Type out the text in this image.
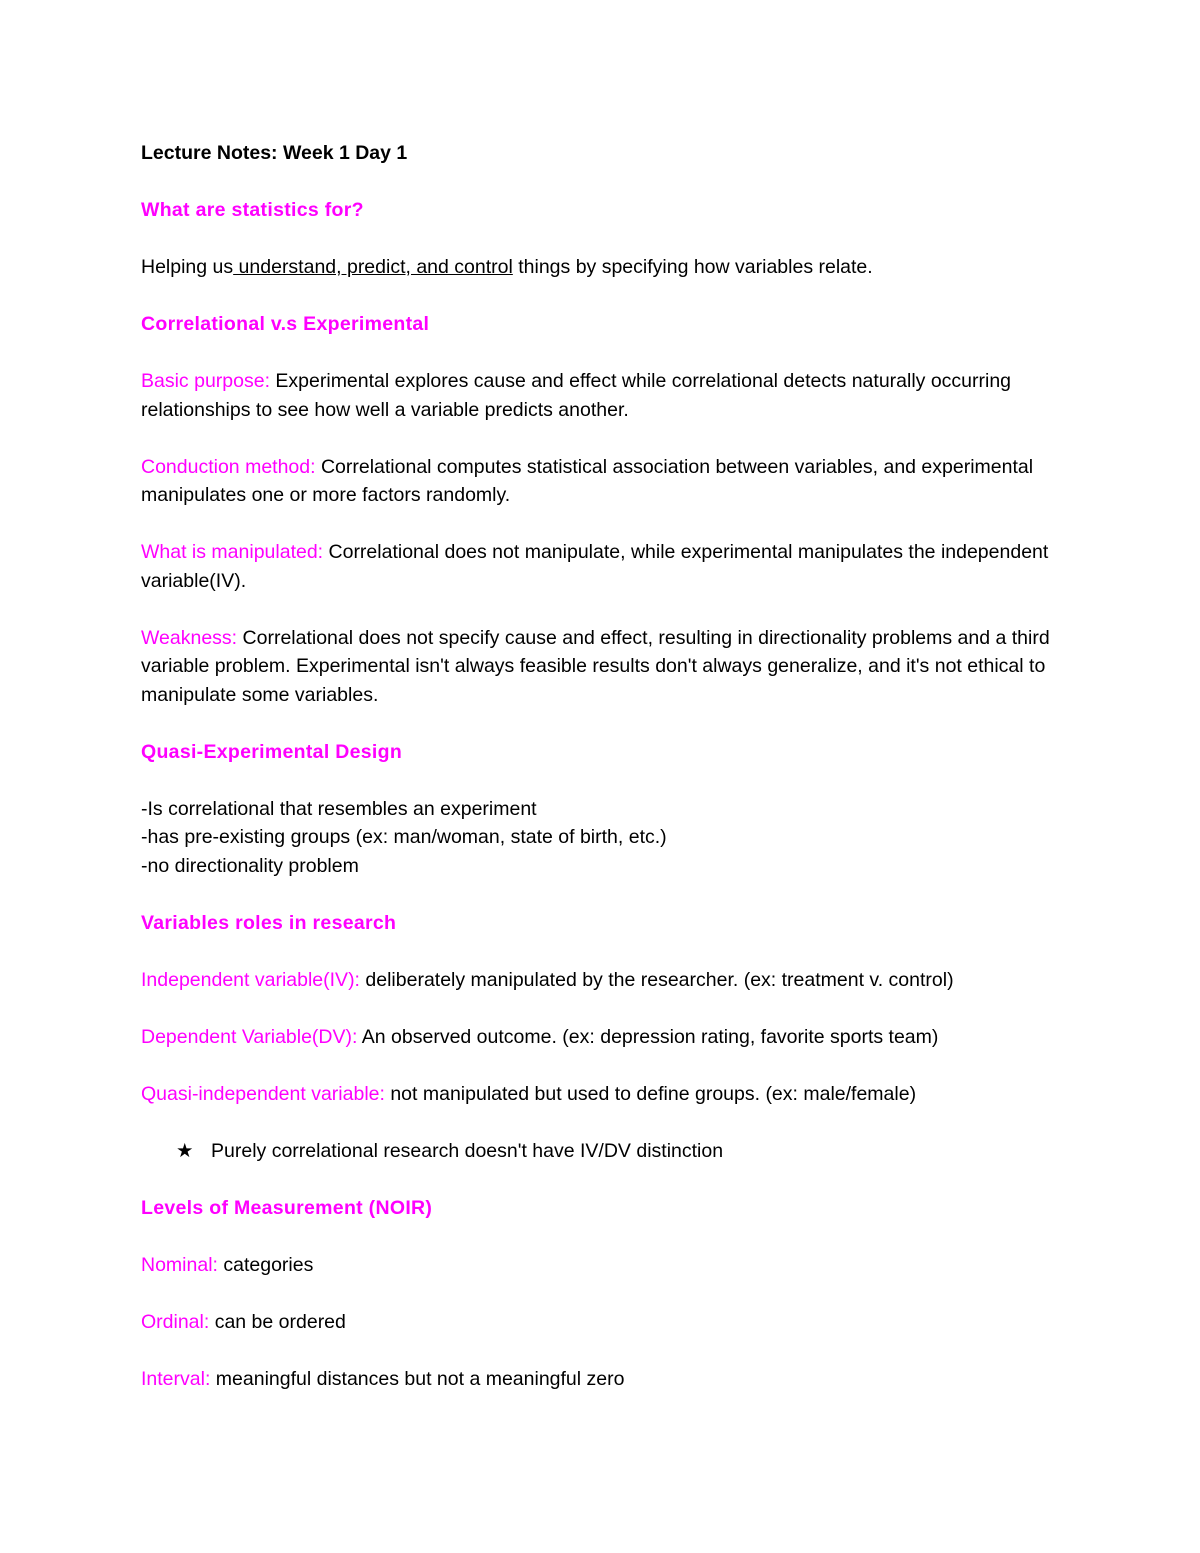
Lecture Notes: Week 1 Day 1

What are statistics for?

Helping us understand, predict, and control things by specifying how variables relate.

Correlational v.s Experimental

Basic purpose: Experimental explores cause and effect while correlational detects naturally occurring relationships to see how well a variable predicts another.

Conduction method: Correlational computes statistical association between variables, and experimental manipulates one or more factors randomly.

What is manipulated: Correlational does not manipulate, while experimental manipulates the independent variable(IV).

Weakness: Correlational does not specify cause and effect, resulting in directionality problems and a third variable problem. Experimental isn't always feasible results don't always generalize, and it's not ethical to manipulate some variables.

Quasi-Experimental Design

-Is correlational that resembles an experiment

-has pre-existing groups (ex: man/woman, state of birth, etc.)

-no directionality problem

Variables roles in research

Independent variable(IV): deliberately manipulated by the researcher. (ex: treatment v. control)

Dependent Variable(DV): An observed outcome. (ex: depression rating, favorite sports team)

Quasi-independent variable: not manipulated but used to define groups. (ex: male/female)

★ Purely correlational research doesn't have IV/DV distinction

Levels of Measurement (NOIR)

Nominal: categories

Ordinal: can be ordered

Interval: meaningful distances but not a meaningful zero
